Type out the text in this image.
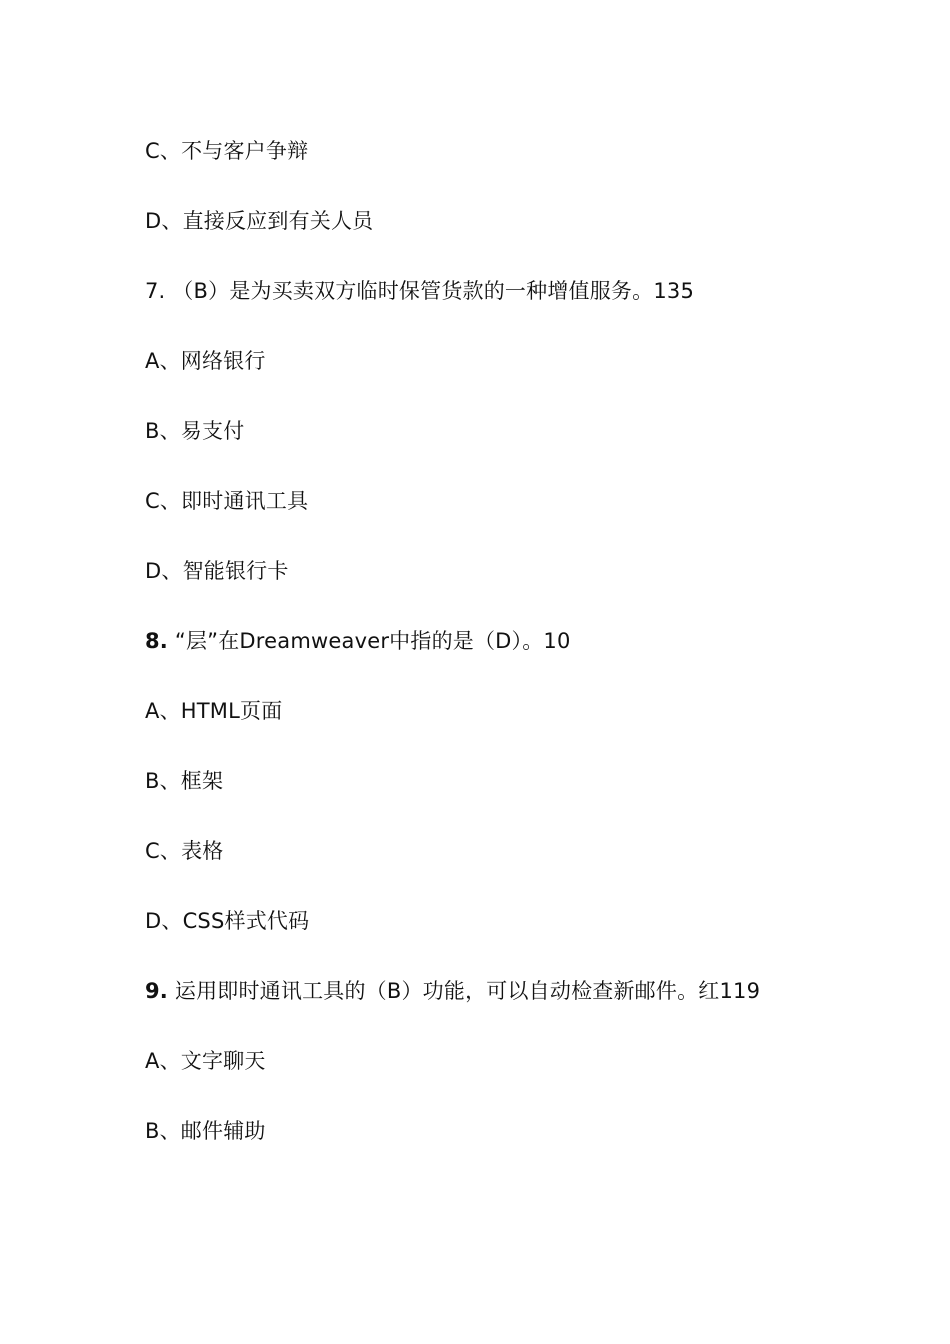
C、不与客户争辩
D、直接反应到有关人员
7. （B）是为买卖双方临时保管货款的一种增值服务。135
A、网络银行
B、易支付
C、即时通讯工具
D、智能银行卡
8. “层”在Dreamweaver中指的是（D）。10
A、HTML页面
B、框架
C、表格
D、CSS样式代码
9. 运用即时通讯工具的（B）功能，可以自动检查新邮件。红119
A、文字聊天
B、邮件辅助
